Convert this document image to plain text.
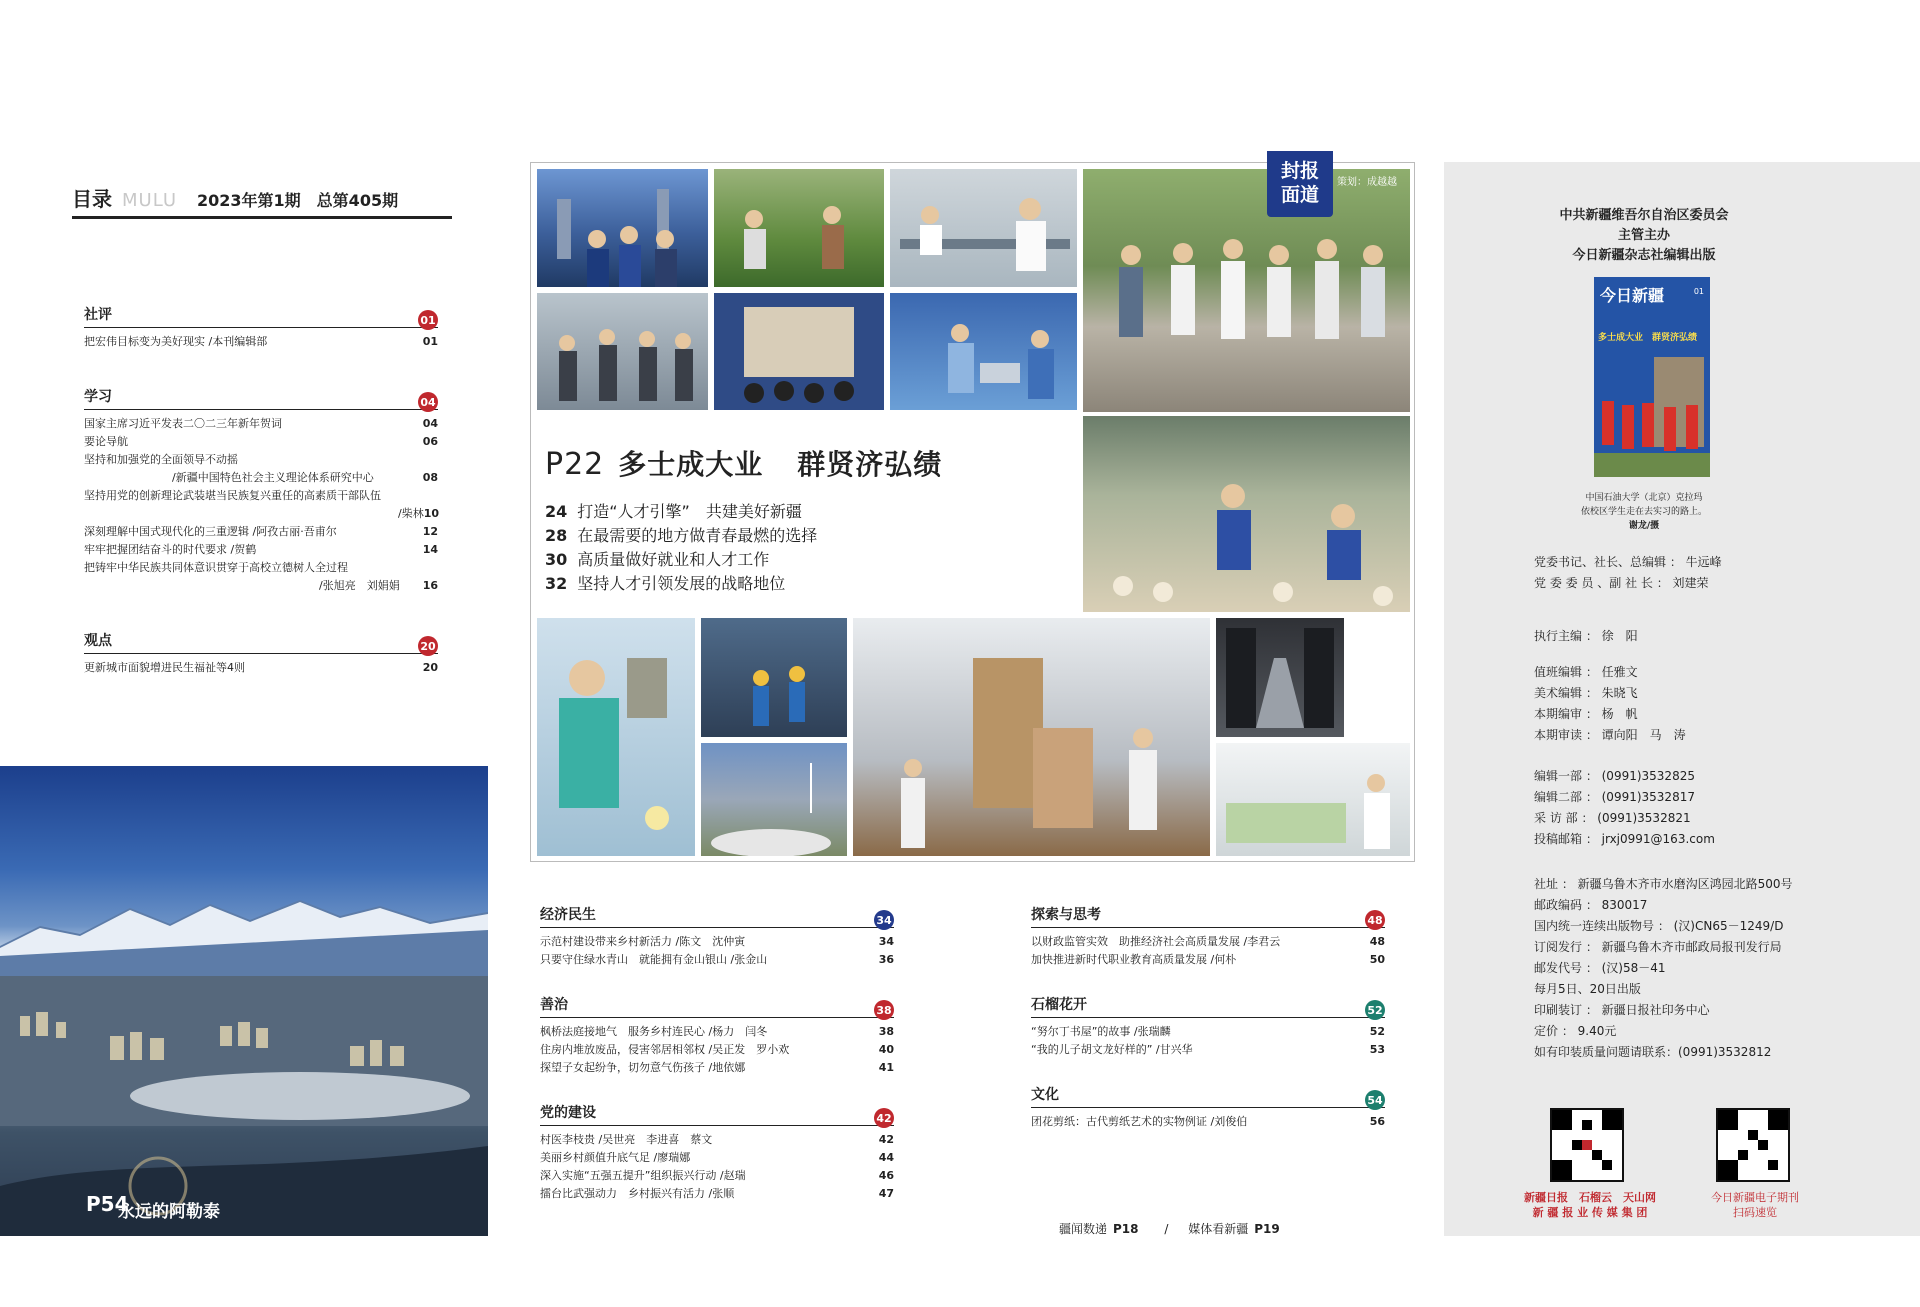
目录 MULU 2023年第1期　总第405期
社评	01
把宏伟目标变为美好现实 /本刊编辑部	01
学习	04
国家主席习近平发表二〇二三年新年贺词	04
要论导航	06
坚持和加强党的全面领导不动摇
/新疆中国特色社会主义理论体系研究中心	08
坚持用党的创新理论武装堪当民族复兴重任的高素质干部队伍
/柴林 10
深刻理解中国式现代化的三重逻辑 /阿孜古丽·吾甫尔	12
牢牢把握团结奋斗的时代要求 /贺鹤	14
把铸牢中华民族共同体意识贯穿于高校立德树人全过程
/张旭亮　刘娟娟 16
观点	20
更新城市面貌增进民生福祉等4则	20
P54
永远的阿勒泰
P22 多士成大业 群贤济弘绩
24 打造“人才引擎”　共建美好新疆
28 在最需要的地方做青春最燃的选择
30 高质量做好就业和人才工作
32 坚持人才引领发展的战略地位
封报
面道
策划：成越越
经济民生	34
示范村建设带来乡村新活力 /陈文　沈仲寅	34
只要守住绿水青山　就能拥有金山银山 /张金山	36
善治	38
枫桥法庭接地气　服务乡村连民心 /杨力　闫冬	38
住房内堆放废品，侵害邻居相邻权 /吴正发　罗小欢	40
探望子女起纷争，切勿意气伤孩子 /地依娜	41
党的建设	42
村医李枝贵 /吴世亮　李进喜　蔡文	42
美丽乡村颜值升底气足 /廖瑞娜	44
深入实施“五强五提升”组织振兴行动 /赵瑞	46
擂台比武强动力　乡村振兴有活力 /张顺	47
探索与思考	48
以财政监管实效　助推经济社会高质量发展 /李君云	48
加快推进新时代职业教育高质量发展 /何朴	50
石榴花开	52
“努尔丁书屋”的故事 /张瑞麟	52
“我的儿子胡文龙好样的” /甘兴华	53
文化	54
团花剪纸：古代剪纸艺术的实物例证 /刘俊伯	56
疆闻数递 P18 / 媒体看新疆 P19
中共新疆维吾尔自治区委员会
主管主办
今日新疆杂志社编辑出版
今日新疆	01
多士成大业　群贤济弘绩
中国石油大学（北京）克拉玛
依校区学生走在去实习的路上。
谢龙/摄
党委书记、社长、总编辑 ： 牛远峰
党 委 委 员 、副 社 长 ： 刘建荣
执行主编 ： 徐　阳
值班编辑 ： 任雅文
美术编辑 ： 朱晓飞
本期编审 ： 杨　帆
本期审读 ： 谭向阳　马　涛
编辑一部 ： (0991)3532825
编辑二部 ： (0991)3532817
采 访 部 ： (0991)3532821
投稿邮箱 ： jrxj0991@163.com
社址 ： 新疆乌鲁木齐市水磨沟区鸿园北路500号
邮政编码 ： 830017
国内统一连续出版物号 ： (汉)CN65－1249/D
订阅发行 ： 新疆乌鲁木齐市邮政局报刊发行局
邮发代号 ： (汉)58－41
每月5日、20日出版
印刷装订 ： 新疆日报社印务中心
定价 ： 9.40元
如有印装质量问题请联系：(0991)3532812
新疆日报　石榴云　天山网
新 疆 报 业 传 媒 集 团
今日新疆电子期刊
扫码速览
